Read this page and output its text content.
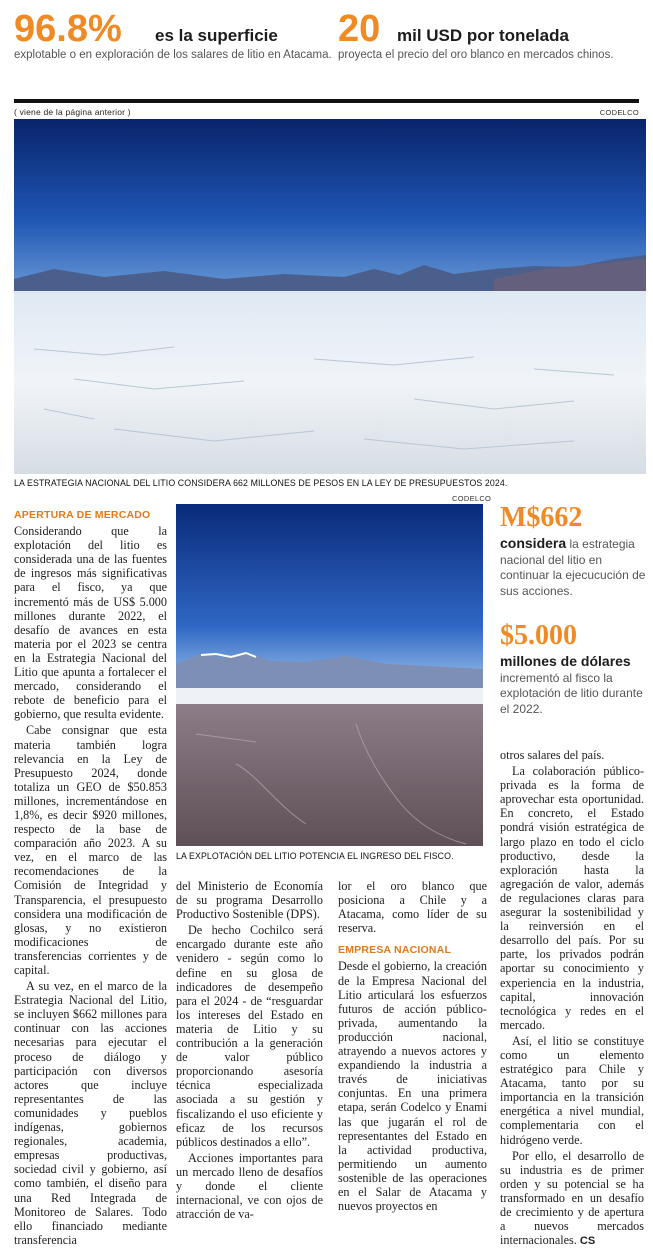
96.8% es la superficie
explotable o en exploración de los salares de litio en Atacama.
20 mil USD por tonelada
proyecta el precio del oro blanco en mercados chinos.
( viene de la página anterior )	CODELCO
LA ESTRATEGIA NACIONAL DEL LITIO CONSIDERA 662 MILLONES DE PESOS EN LA LEY DE PRESUPUESTOS 2024.
CODELCO
LA EXPLOTACIÓN DEL LITIO POTENCIA EL INGRESO DEL FISCO.
APERTURA DE MERCADO

Considerando que la explotación del litio es considerada una de las fuentes de ingresos más significativas para el fisco, ya que incrementó más de US$ 5.000 millones durante 2022, el desafío de avances en esta materia por el 2023 se centra en la Estrategia Nacional del Litio que apunta a fortalecer el mercado, considerando el rebote de beneficio para el gobierno, que resulta evidente.

Cabe consignar que esta materia también logra relevancia en la Ley de Presupuesto 2024, donde totaliza un GEO de $50.853 millones, incrementándose en 1,8%, es decir $920 millones, respecto de la base de comparación año 2023. A su vez, en el marco de las recomendaciones de la Comisión de Integridad y Transparencia, el presupuesto considera una modificación de glosas, y no existieron modificaciones de transferencias corrientes y de capital.

A su vez, en el marco de la Estrategia Nacional del Litio, se incluyen $662 millones para continuar con las acciones necesarias para ejecutar el proceso de diálogo y participación con diversos actores que incluye representantes de las comunidades y pueblos indígenas, gobiernos regionales, academia, empresas productivas, sociedad civil y gobierno, así como también, el diseño para una Red Integrada de Monitoreo de Salares. Todo ello financiado mediante transferencia

del Ministerio de Economía de su programa Desarrollo Productivo Sostenible (DPS).

De hecho Cochilco será encargado durante este año venidero - según como lo define en su glosa de indicadores de desempeño para el 2024 - de “resguardar los intereses del Estado en materia de Litio y su contribución a la generación de valor público proporcionando asesoría técnica especializada asociada a su gestión y fiscalizando el uso eficiente y eficaz de los recursos públicos destinados a ello”.

Acciones importantes para un mercado lleno de desafíos y donde el cliente internacional, ve con ojos de atracción de va-

lor el oro blanco que posiciona a Chile y a Atacama, como líder de su reserva.

EMPRESA NACIONAL

Desde el gobierno, la creación de la Empresa Nacional del Litio articulará los esfuerzos futuros de acción público-privada, aumentando la producción nacional, atrayendo a nuevos actores y expandiendo la industria a través de iniciativas conjuntas. En una primera etapa, serán Codelco y Enami las que jugarán el rol de representantes del Estado en la actividad productiva, permitiendo un aumento sostenible de las operaciones en el Salar de Atacama y nuevos proyectos en

otros salares del país.

La colaboración público-privada es la forma de aprovechar esta oportunidad. En concreto, el Estado pondrá visión estratégica de largo plazo en todo el ciclo productivo, desde la exploración hasta la agregación de valor, además de regulaciones claras para asegurar la sostenibilidad y la reinversión en el desarrollo del país. Por su parte, los privados podrán aportar su conocimiento y experiencia en la industria, capital, innovación tecnológica y redes en el mercado.

Así, el litio se constituye como un elemento estratégico para Chile y Atacama, tanto por su importancia en la transición energética a nivel mundial, complementaria con el hidrógeno verde.

Por ello, el desarrollo de su industria es de primer orden y su potencial se ha transformado en un desafío de crecimiento y de apertura a nuevos mercados internacionales. CS

M$662
considera la estrategia nacional del litio en continuar la ejecucución de sus acciones.
$5.000
millones de dólares
incrementó al fisco la explotación de litio durante el 2022.
